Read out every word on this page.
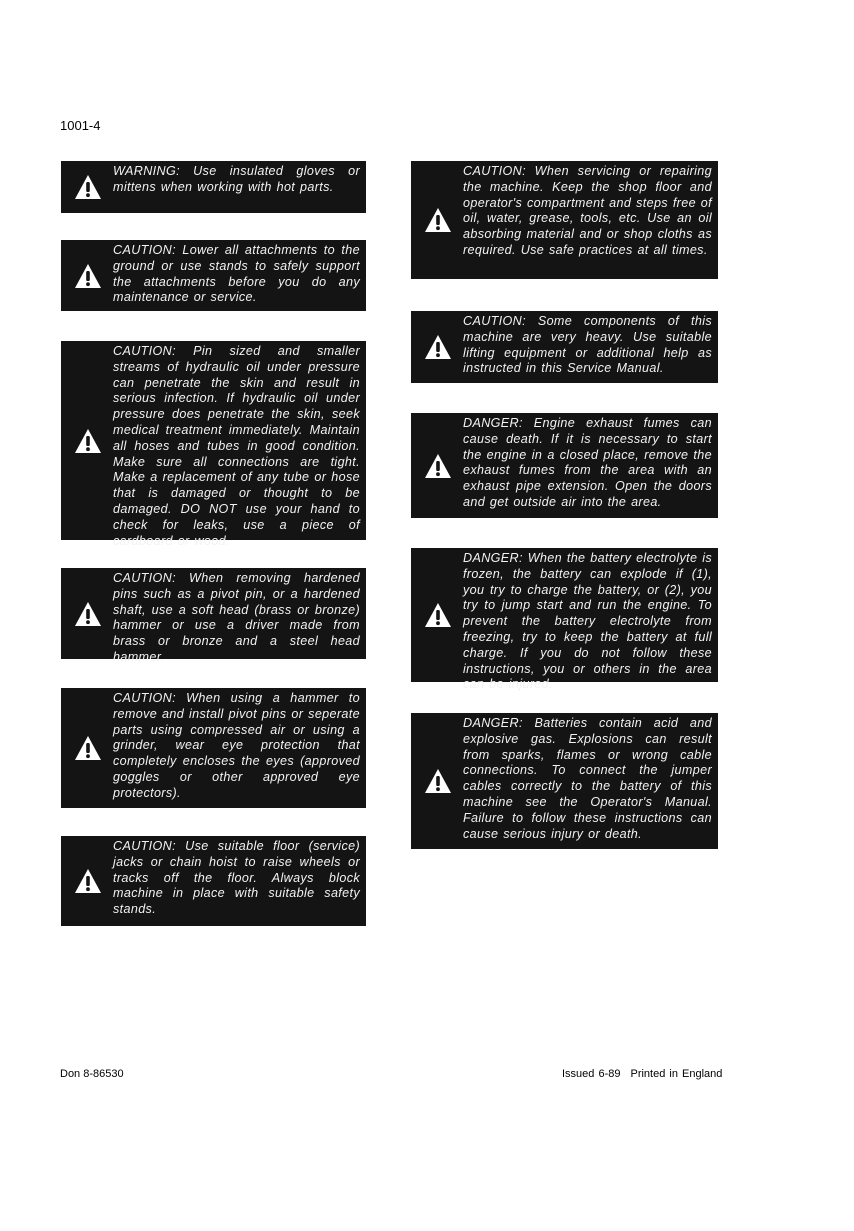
1001-4
WARNING: Use insulated gloves or mittens when working with hot parts.
CAUTION: Lower all attachments to the ground or use stands to safely support the attachments before you do any maintenance or service.
CAUTION: Pin sized and smaller streams of hydraulic oil under pressure can penetrate the skin and result in serious infection. If hydraulic oil under pressure does penetrate the skin, seek medical treatment immediately. Maintain all hoses and tubes in good condition. Make sure all connections are tight. Make a replacement of any tube or hose that is damaged or thought to be damaged. DO NOT use your hand to check for leaks, use a piece of cardboard or wood.
CAUTION: When removing hardened pins such as a pivot pin, or a hardened shaft, use a soft head (brass or bronze) hammer or use a driver made from brass or bronze and a steel head hammer.
CAUTION: When using a hammer to remove and install pivot pins or seperate parts using compressed air or using a grinder, wear eye protection that completely encloses the eyes (approved goggles or other approved eye protectors).
CAUTION: Use suitable floor (service) jacks or chain hoist to raise wheels or tracks off the floor. Always block machine in place with suitable safety stands.
CAUTION: When servicing or repairing the machine. Keep the shop floor and operator's compartment and steps free of oil, water, grease, tools, etc. Use an oil absorbing material and or shop cloths as required. Use safe practices at all times.
CAUTION: Some components of this machine are very heavy. Use suitable lifting equipment or additional help as instructed in this Service Manual.
DANGER: Engine exhaust fumes can cause death. If it is necessary to start the engine in a closed place, remove the exhaust fumes from the area with an exhaust pipe extension. Open the doors and get outside air into the area.
DANGER: When the battery electrolyte is frozen, the battery can explode if (1), you try to charge the battery, or (2), you try to jump start and run the engine. To prevent the battery electrolyte from freezing, try to keep the battery at full charge. If you do not follow these instructions, you or others in the area can be injured.
DANGER: Batteries contain acid and explosive gas. Explosions can result from sparks, flames or wrong cable connections. To connect the jumper cables correctly to the battery of this machine see the Operator's Manual. Failure to follow these instructions can cause serious injury or death.
Don 8-86530	Issued 6-89 Printed in England
